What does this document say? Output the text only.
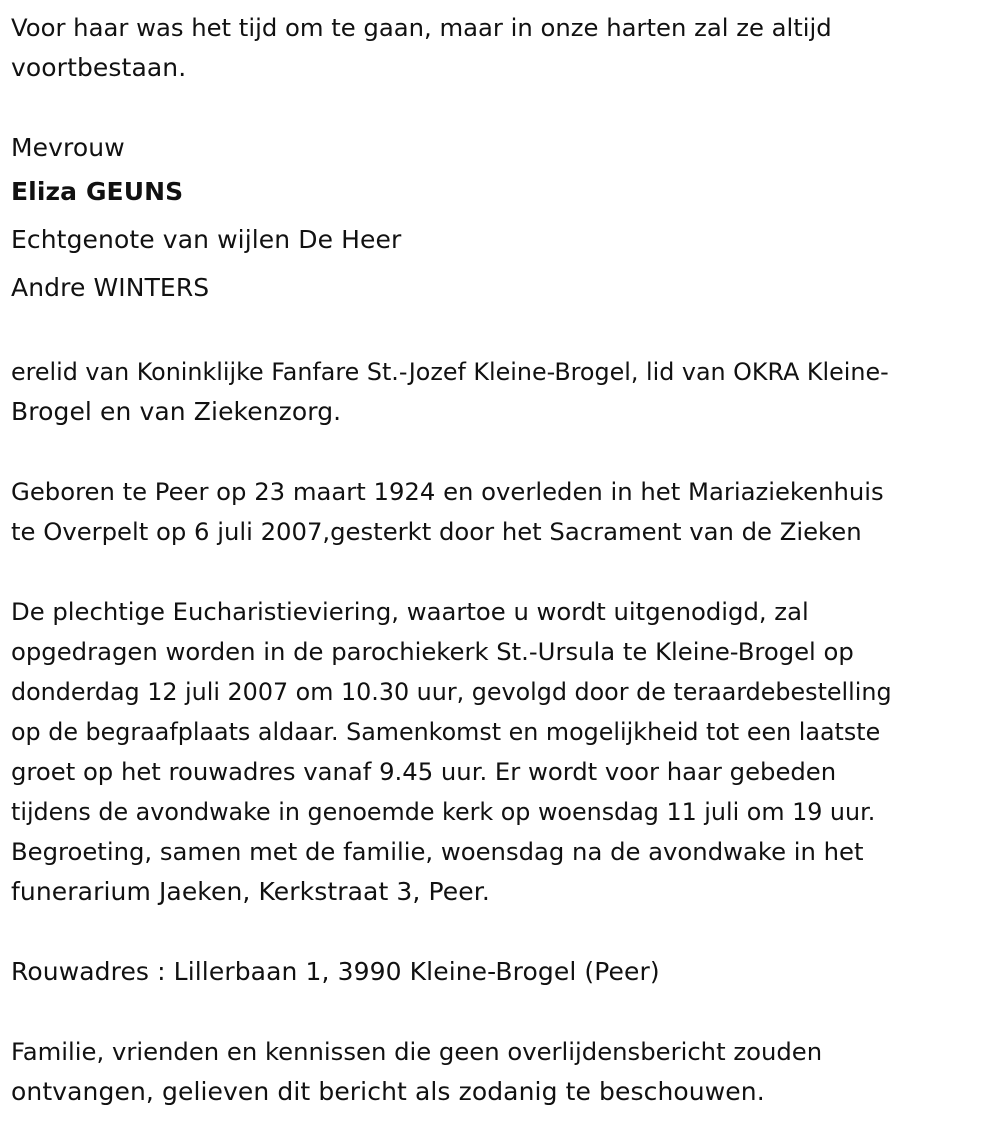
Voor haar was het tijd om te gaan, maar in onze harten zal ze altijd
voortbestaan.
Mevrouw
Eliza GEUNS
Echtgenote van wijlen De Heer
Andre WINTERS
erelid van Koninklijke Fanfare St.-Jozef Kleine-Brogel, lid van OKRA Kleine-
Brogel en van Ziekenzorg.
Geboren te Peer op 23 maart 1924 en overleden in het Mariaziekenhuis
te Overpelt op 6 juli 2007,gesterkt door het Sacrament van de Zieken
De plechtige Eucharistieviering, waartoe u wordt uitgenodigd, zal
opgedragen worden in de parochiekerk St.-Ursula te Kleine-Brogel op
donderdag 12 juli 2007 om 10.30 uur, gevolgd door de teraardebestelling
op de begraafplaats aldaar. Samenkomst en mogelijkheid tot een laatste
groet op het rouwadres vanaf 9.45 uur. Er wordt voor haar gebeden
tijdens de avondwake in genoemde kerk op woensdag 11 juli om 19 uur.
Begroeting, samen met de familie, woensdag na de avondwake in het
funerarium Jaeken, Kerkstraat 3, Peer.
Rouwadres : Lillerbaan 1, 3990 Kleine-Brogel (Peer)
Familie, vrienden en kennissen die geen overlijdensbericht zouden
ontvangen, gelieven dit bericht als zodanig te beschouwen.
